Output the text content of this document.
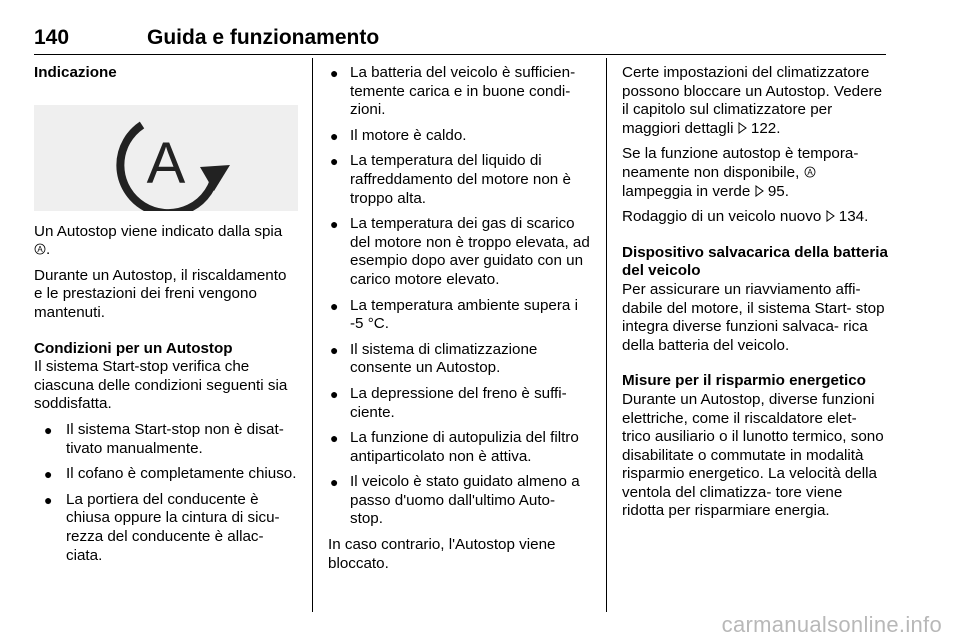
140	Guida e funzionamento

Indicazione

A

Un Autostop viene indicato dalla spia

A .

Durante un Autostop, il riscaldamento e le prestazioni dei freni vengono mantenuti.

Condizioni per un Autostop

Il sistema Start-stop verifica che ciascuna delle condizioni seguenti sia soddisfatta.

● Il sistema Start-stop non è disat- tivato manualmente.
● Il cofano è completamente chiuso.
● La portiera del conducente è chiusa oppure la cintura di sicu- rezza del conducente è allac- ciata.
● La batteria del veicolo è sufficien- temente carica e in buone condi- zioni.
● Il motore è caldo.
● La temperatura del liquido di raffreddamento del motore non è troppo alta.
● La temperatura dei gas di scarico del motore non è troppo elevata, ad esempio dopo aver guidato con un carico motore elevato.
● La temperatura ambiente supera i -5 °C.
● Il sistema di climatizzazione consente un Autostop.
● La depressione del freno è suffi- ciente.
● La funzione di autopulizia del filtro antiparticolato non è attiva.
● Il veicolo è stato guidato almeno a passo d'uomo dall'ultimo Auto- stop.

In caso contrario, l'Autostop viene bloccato.

Certe impostazioni del climatizzatore possono bloccare un Autostop. Vedere il capitolo sul climatizzatore per maggiori dettagli 122.

Se la funzione autostop è tempora- neamente non disponibile, A

lampeggia in verde 95.

Rodaggio di un veicolo nuovo 134.

Dispositivo salvacarica della batteria del veicolo

Per assicurare un riavviamento affi- dabile del motore, il sistema Start- stop integra diverse funzioni salvaca- rica della batteria del veicolo.

Misure per il risparmio energetico

Durante un Autostop, diverse funzioni elettriche, come il riscaldatore elet- trico ausiliario o il lunotto termico, sono disabilitate o commutate in modalità risparmio energetico. La velocità della ventola del climatizza- tore viene ridotta per risparmiare energia.

carmanualsonline.info
